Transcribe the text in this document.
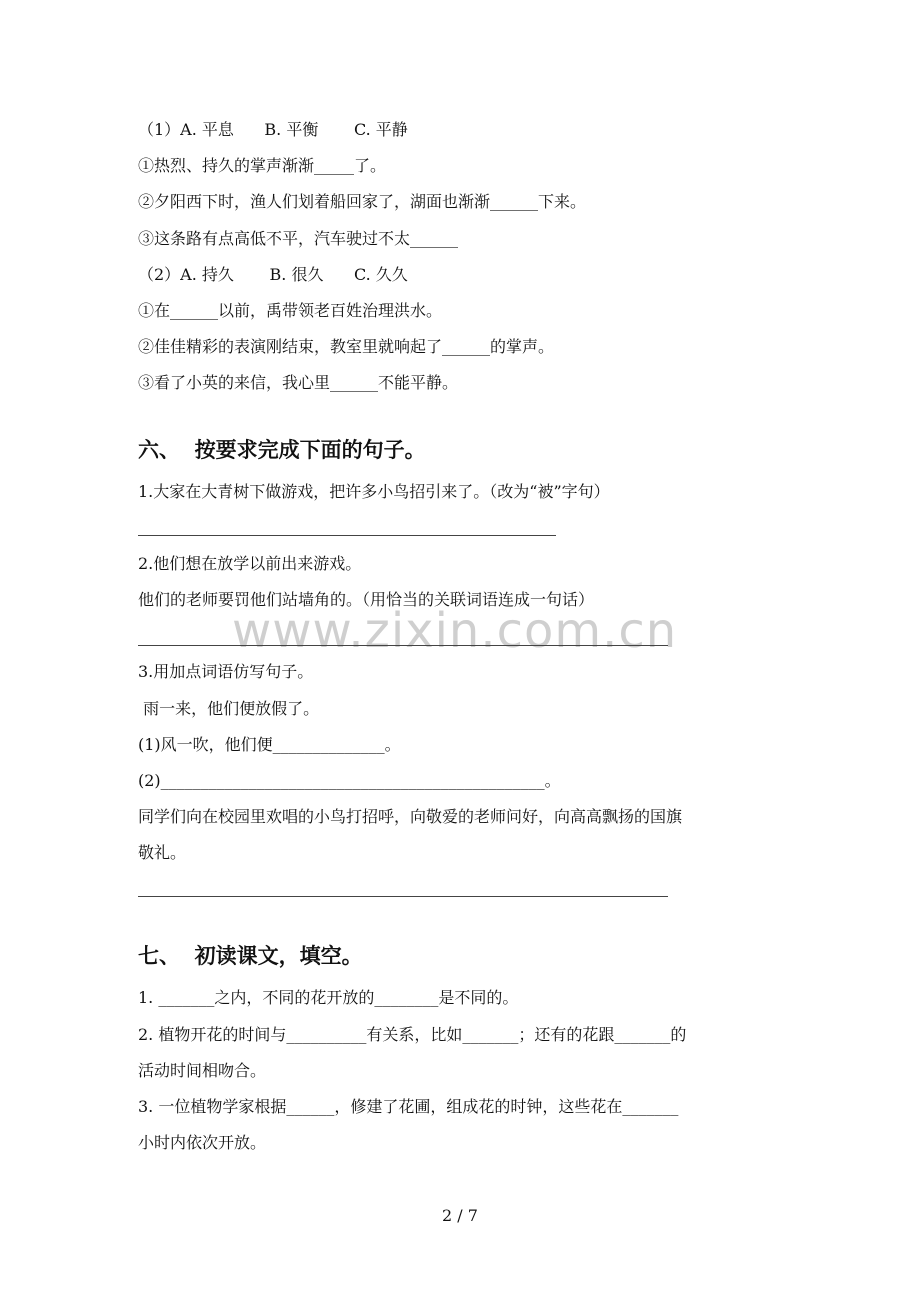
www.zixin.com.cn

（1）A. 平息      B. 平衡       C. 平静

①热烈、持久的掌声渐渐_____了。

②夕阳西下时，渔人们划着船回家了，湖面也渐渐______下来。

③这条路有点高低不平，汽车驶过不太______

（2）A. 持久       B. 很久      C. 久久

①在______以前，禹带领老百姓治理洪水。

②佳佳精彩的表演刚结束，教室里就响起了______的掌声。

③看了小英的来信，我心里______不能平静。

六、  按要求完成下面的句子。

1.大家在大青树下做游戏，把许多小鸟招引来了。（改为“被”字句）

2.他们想在放学以前出来游戏。

他们的老师要罚他们站墙角的。（用恰当的关联词语连成一句话）

3.用加点词语仿写句子。

雨一来，他们便放假了。

(1)风一吹，他们便______________。

(2)________________________________________________。

同学们向在校园里欢唱的小鸟打招呼，向敬爱的老师问好，向高高飘扬的国旗

敬礼。

七、  初读课文，填空。

1. _______之内，不同的花开放的________是不同的。

2. 植物开花的时间与__________有关系，比如_______；还有的花跟_______的

活动时间相吻合。

3. 一位植物学家根据______，修建了花圃，组成花的时钟，这些花在_______

小时内依次开放。

2 / 7
